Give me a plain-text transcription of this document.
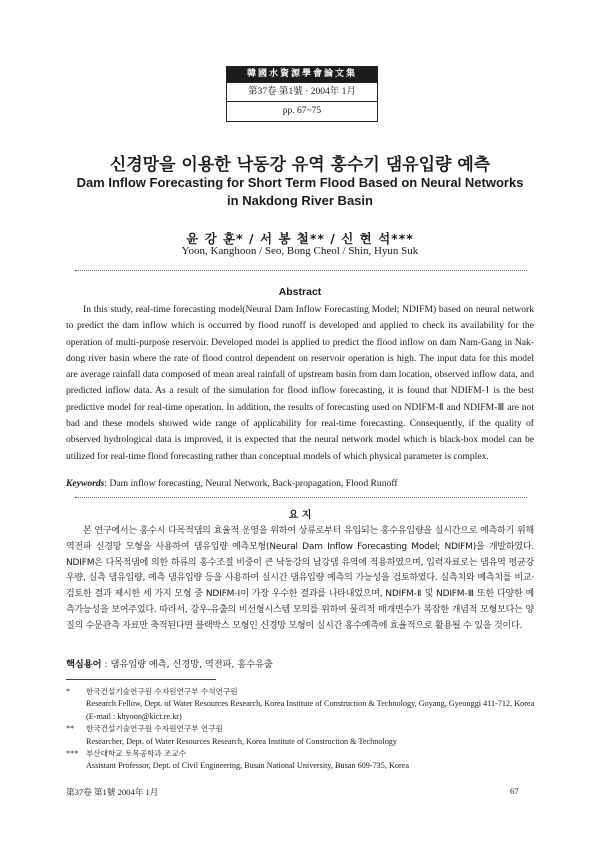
韓國水資源學會論文集
第37卷 第1號 · 2004年 1月
pp. 67~75
신경망을 이용한 낙동강 유역 홍수기 댐유입량 예측
Dam Inflow Forecasting for Short Term Flood Based on Neural Networks
in Nakdong River Basin
윤 강 훈* / 서 봉 철** / 신 현 석***
Yoon, Kanghoon / Seo, Bong Cheol / Shin, Hyun Suk
Abstract
In this study, real-time forecasting model(Neural Dam Inflow Forecasting Model; NDIFM) based on neural network to predict the dam inflow which is occurred by flood runoff is developed and applied to check its availability for the operation of multi-purpose reservoir. Developed model is applied to predict the flood inflow on dam Nam-Gang in Nak-dong river basin where the rate of flood control dependent on reservoir operation is high. The input data for this model are average rainfall data composed of mean areal rainfall of upstream basin from dam location, observed inflow data, and predicted inflow data. As a result of the simulation for flood inflow forecasting, it is found that NDIFM-Ⅰ is the best predictive model for real-time operation. In addition, the results of forecasting used on NDIFM-Ⅱ and NDIFM-Ⅲ are not bad and these models showed wide range of applicability for real-time forecasting. Consequently, if the quality of observed hydrological data is improved, it is expected that the neural network model which is black-box model can be utilized for real-time flood forecasting rather than conceptual models of which physical parameter is complex.
Keywords: Dam inflow forecasting, Neural Network, Back-propagation, Flood Runoff
요 지
본 연구에서는 홍수시 다목적댐의 효율적 운영을 위하여 상류로부터 유입되는 홍수유입량을 실시간으로 예측하기 위해 역전파 신경망 모형을 사용하여 댐유입량 예측모형(Neural Dam Inflow Forecasting Model; NDIFM)을 개발하였다. NDIFM은 다목적댐에 의한 하류의 홍수조절 비중이 큰 낙동강의 남강댐 유역에 적용하였으며, 입력자료로는 댐유역 평균강우량, 실측 댐유입량, 예측 댐유입량 등을 사용하여 실시간 댐유입량 예측의 가능성을 검토하였다. 실측치와 예측치를 비교·검토한 결과 제시한 세 가지 모형 중 NDIFM-Ⅰ이 가장 우수한 결과를 나타내었으며, NDIFM-Ⅱ 및 NDIFM-Ⅲ 또한 다양한 예측가능성을 보여주었다. 따라서, 강우-유출의 비선형시스템 모의를 위하여 물리적 매개변수가 복잡한 개념적 모형보다는 양질의 수문관측 자료만 축적된다면 블랙박스 모형인 신경망 모형이 실시간 홍수예측에 효율적으로 활용될 수 있을 것이다.
핵심용어 : 댐유입량 예측, 신경망, 역전파, 홍수유출
* 한국건설기술연구원 수자원연구부 수석연구원
Research Fellow, Dept. of Water Resources Research, Korea Institute of Construction & Technology, Goyang, Gyeonggi 411-712, Korea
(E-mail : khyoon@kict.re.kr)
** 한국건설기술연구원 수자원연구부 연구원
Researcher, Dept. of Water Resources Research, Korea Institute of Construction & Technology
*** 부산대학교 토목공학과 조교수
Assistant Professor, Dept. of Civil Engineering, Busan National University, Busan 609-735, Korea
第37卷 第1號 2004年 1月	67
